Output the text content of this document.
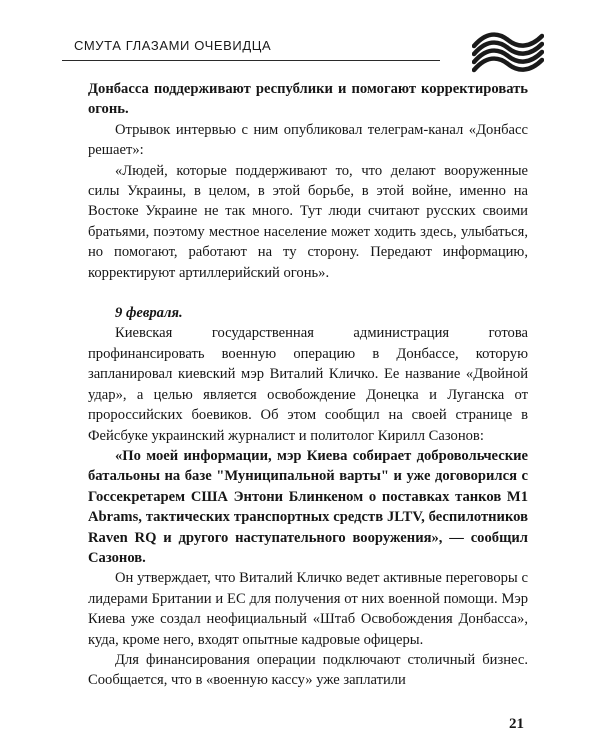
СМУТА ГЛАЗАМИ ОЧЕВИДЦА

Донбасса поддерживают республики и помогают корректировать огонь.

Отрывок интервью с ним опубликовал телеграм-канал «Донбасс решает»:

«Людей, которые поддерживают то, что делают вооруженные силы Украины, в целом, в этой борьбе, в этой войне, именно на Востоке Украине не так много. Тут люди считают русских своими братьями, поэтому местное население может ходить здесь, улыбаться, но помогают, работают на ту сторону. Передают информацию, корректируют артиллерийский огонь».

9 февраля.

Киевская государственная администрация готова профинансировать военную операцию в Донбассе, которую запланировал киевский мэр Виталий Кличко. Ее название «Двойной удар», а целью является освобождение Донецка и Луганска от пророссийских боевиков. Об этом сообщил на своей странице в Фейсбуке украинский журналист и политолог Кирилл Сазонов:

«По моей информации, мэр Киева собирает добровольческие батальоны на базе "Муниципальной варты" и уже договорился с Госсекретарем США Энтони Блинкеном о поставках танков M1 Abrams, тактических транспортных средств JLTV, беспилотников Raven RQ и другого наступательного вооружения», — сообщил Сазонов.

Он утверждает, что Виталий Кличко ведет активные переговоры с лидерами Британии и ЕС для получения от них военной помощи. Мэр Киева уже создал неофициальный «Штаб Освобождения Донбасса», куда, кроме него, входят опытные кадровые офицеры.

Для финансирования операции подключают столичный бизнес. Сообщается, что в «военную кассу» уже заплатили

21
